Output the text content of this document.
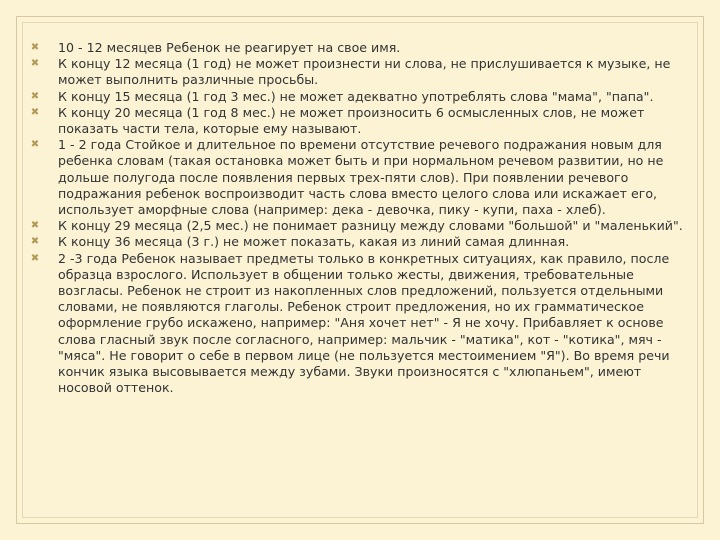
✖ 10 - 12 месяцев Ребенок не реагирует на свое имя.
✖ К концу 12 месяца (1 год) не может произнести ни слова, не прислушивается к музыке, не может выполнить различные просьбы.
✖ К концу 15 месяца (1 год 3 мес.) не может адекватно употреблять слова "мама", "папа".
✖ К концу 20 месяца (1 год 8 мес.) не может произносить 6 осмысленных слов, не может показать части тела, которые ему называют.
✖ 1 - 2 года Стойкое и длительное по времени отсутствие речевого подражания новым для ребенка словам (такая остановка может быть и при нормальном речевом развитии, но не дольше полугода после появления первых трех-пяти слов). При появлении речевого подражания ребенок воспроизводит часть слова вместо целого слова или искажает его, использует аморфные слова (например: дека - девочка, пику - купи, паха - хлеб).
✖ К концу 29 месяца (2,5 мес.) не понимает разницу между словами "большой" и "маленький".
✖ К концу 36 месяца (3 г.) не может показать, какая из линий самая длинная.
✖ 2 -3 года Ребенок называет предметы только в конкретных ситуациях, как правило, после образца взрослого. Использует в общении только жесты, движения, требовательные возгласы. Ребенок не строит из накопленных слов предложений, пользуется отдельными словами, не появляются глаголы. Ребенок строит предложения, но их грамматическое оформление грубо искажено, например: "Аня хочет нет" - Я не хочу. Прибавляет к основе слова гласный звук после согласного, например: мальчик - "матика", кот - "котика", мяч - "мяса". Не говорит о себе в первом лице (не пользуется местоимением "Я"). Во время речи кончик языка высовывается между зубами. Звуки произносятся с "хлюпаньем", имеют носовой оттенок.
